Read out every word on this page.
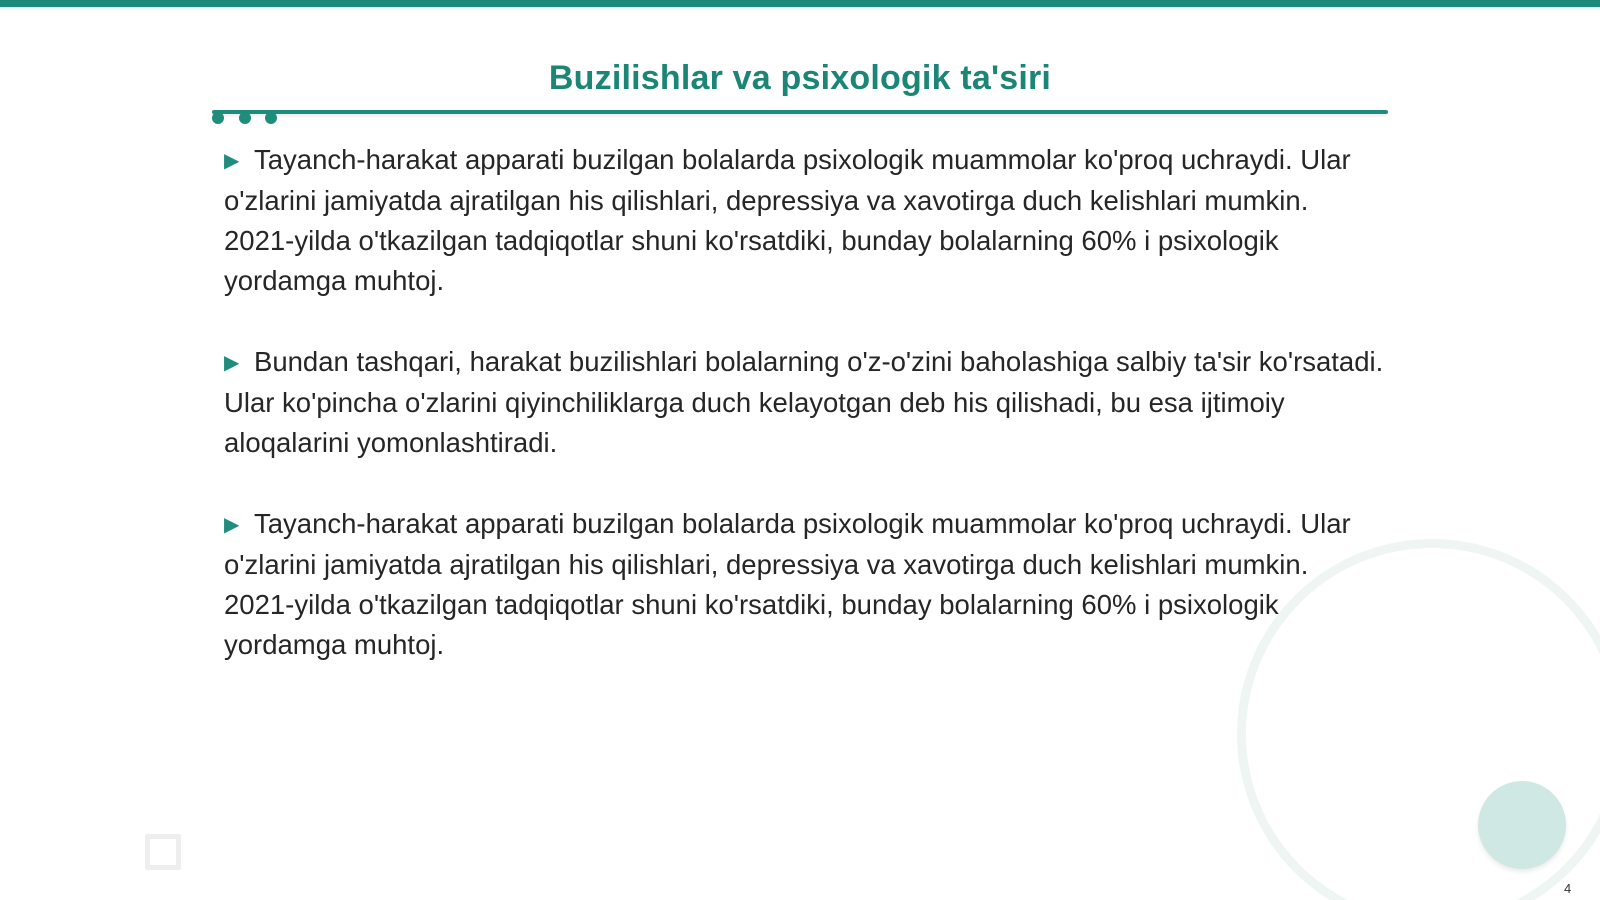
Buzilishlar va psixologik ta'siri

▶ Tayanch-harakat apparati buzilgan bolalarda psixologik muammolar ko'proq uchraydi. Ular o'zlarini jamiyatda ajratilgan his qilishlari, depressiya va xavotirga duch kelishlari mumkin. 2021-yilda o'tkazilgan tadqiqotlar shuni ko'rsatdiki, bunday bolalarning 60% i psixologik yordamga muhtoj.

▶ Bundan tashqari, harakat buzilishlari bolalarning o'z-o'zini baholashiga salbiy ta'sir ko'rsatadi. Ular ko'pincha o'zlarini qiyinchiliklarga duch kelayotgan deb his qilishadi, bu esa ijtimoiy aloqalarini yomonlashtiradi.

▶ Tayanch-harakat apparati buzilgan bolalarda psixologik muammolar ko'proq uchraydi. Ular o'zlarini jamiyatda ajratilgan his qilishlari, depressiya va xavotirga duch kelishlari mumkin. 2021-yilda o'tkazilgan tadqiqotlar shuni ko'rsatdiki, bunday bolalarning 60% i psixologik yordamga muhtoj.

4
